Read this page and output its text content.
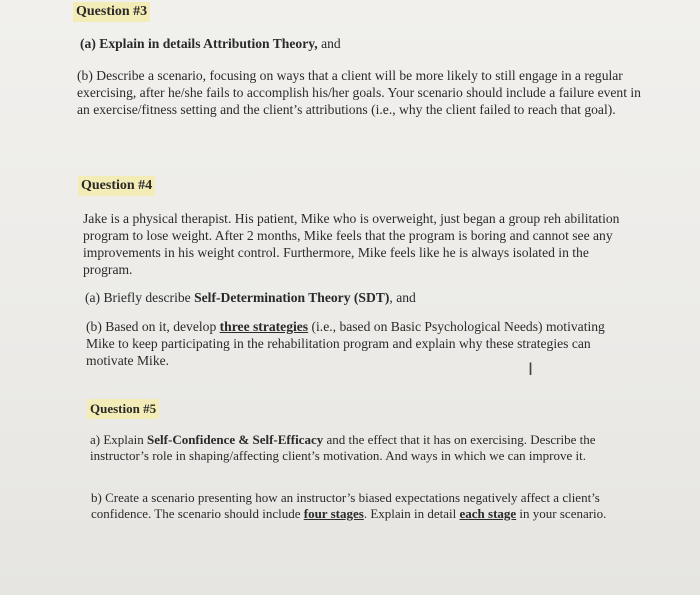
Question #3

(a) Explain in details Attribution Theory, and

(b) Describe a scenario, focusing on ways that a client will be more likely to still engage in a regular exercising, after he/she fails to accomplish his/her goals. Your scenario should include a failure event in an exercise/fitness setting and the client’s attributions (i.e., why the client failed to reach that goal).

Question #4

Jake is a physical therapist. His patient, Mike who is overweight, just began a group reh abilitation program to lose weight. After 2 months, Mike feels that the program is boring and cannot see any improvements in his weight control. Furthermore, Mike feels like he is always isolated in the program.

(a) Briefly describe Self-Determination Theory (SDT), and

(b) Based on it, develop three strategies (i.e., based on Basic Psychological Needs) motivating Mike to keep participating in the rehabilitation program and explain why these strategies can motivate Mike.	I
Question #5

a) Explain Self-Confidence & Self-Efficacy and the effect that it has on exercising. Describe the instructor’s role in shaping/affecting client’s motivation. And ways in which we can improve it.

b) Create a scenario presenting how an instructor’s biased expectations negatively affect a client’s confidence. The scenario should include four stages. Explain in detail each stage in your scenario.
